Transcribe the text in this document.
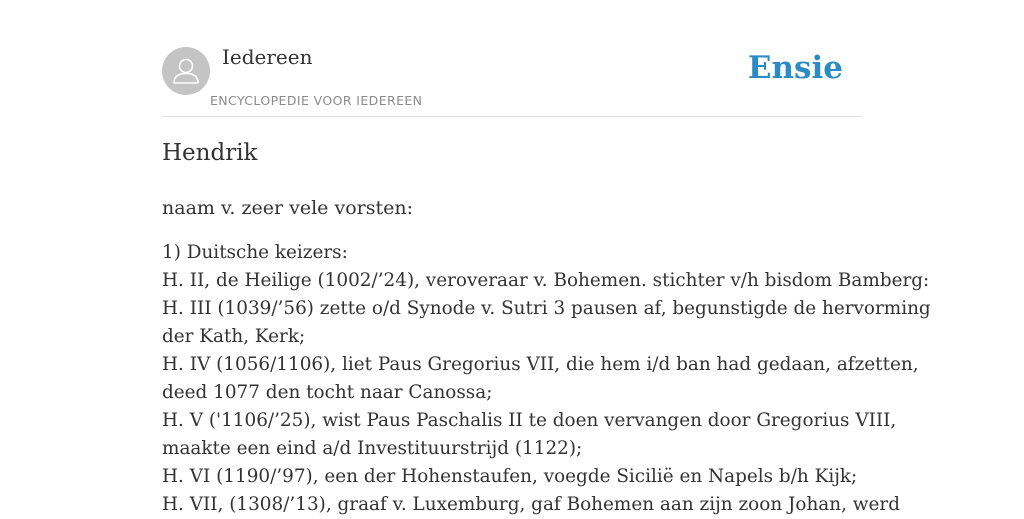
Iedereen
ENCYCLOPEDIE VOOR IEDEREEN
Ensie
Hendrik

naam v. zeer vele vorsten:

1) Duitsche keizers:
H. II, de Heilige (1002/’24), veroveraar v. Bohemen. stichter v/h bisdom Bamberg:
H. III (1039/’56) zette o/d Synode v. Sutri 3 pausen af, begunstigde de hervorming
der Kath, Kerk;
H. IV (1056/1106), liet Paus Gregorius VII, die hem i/d ban had gedaan, afzetten,
deed 1077 den tocht naar Canossa;
H. V ('1106/’25), wist Paus Paschalis II te doen vervangen door Gregorius VIII,
maakte een eind a/d Investituurstrijd (1122);
H. VI (1190/’97), een der Hohenstaufen, voegde Sicilië en Napels b/h Kijk;
H. VII, (1308/’13), graaf v. Luxemburg, gaf Bohemen aan zijn zoon Johan, werd
